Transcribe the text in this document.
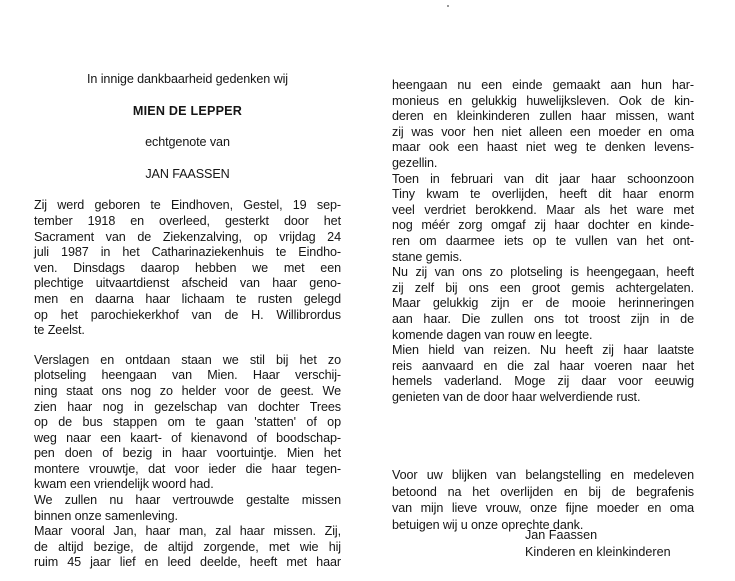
In innige dankbaarheid gedenken wij
MIEN DE LEPPER
echtgenote van
JAN FAASSEN
Zij werd geboren te Eindhoven, Gestel, 19 sep-
tember 1918 en overleed, gesterkt door het
Sacrament van de Ziekenzalving, op vrijdag 24
juli 1987 in het Catharinaziekenhuis te Eindho-
ven. Dinsdags daarop hebben we met een
plechtige uitvaartdienst afscheid van haar geno-
men en daarna haar lichaam te rusten gelegd
op het parochiekerkhof van de H. Willibrordus
te Zeelst.
Verslagen en ontdaan staan we stil bij het zo
plotseling heengaan van Mien. Haar verschij-
ning staat ons nog zo helder voor de geest. We
zien haar nog in gezelschap van dochter Trees
op de bus stappen om te gaan 'statten' of op
weg naar een kaart- of kienavond of boodschap-
pen doen of bezig in haar voortuintje. Mien het
montere vrouwtje, dat voor ieder die haar tegen-
kwam een vriendelijk woord had.
We zullen nu haar vertrouwde gestalte missen
binnen onze samenleving.
Maar vooral Jan, haar man, zal haar missen. Zij,
de altijd bezige, de altijd zorgende, met wie hij
ruim 45 jaar lief en leed deelde, heeft met haar
heengaan nu een einde gemaakt aan hun har-
monieus en gelukkig huwelijksleven. Ook de kin-
deren en kleinkinderen zullen haar missen, want
zij was voor hen niet alleen een moeder en oma
maar ook een haast niet weg te denken levens-
gezellin.
Toen in februari van dit jaar haar schoonzoon
Tiny kwam te overlijden, heeft dit haar enorm
veel verdriet berokkend. Maar als het ware met
nog méér zorg omgaf zij haar dochter en kinde-
ren om daarmee iets op te vullen van het ont-
stane gemis.
Nu zij van ons zo plotseling is heengegaan, heeft
zij zelf bij ons een groot gemis achtergelaten.
Maar gelukkig zijn er de mooie herinneringen
aan haar. Die zullen ons tot troost zijn in de
komende dagen van rouw en leegte.
Mien hield van reizen. Nu heeft zij haar laatste
reis aanvaard en die zal haar voeren naar het
hemels vaderland. Moge zij daar voor eeuwig
genieten van de door haar welverdiende rust.
Voor uw blijken van belangstelling en medeleven
betoond na het overlijden en bij de begrafenis
van mijn lieve vrouw, onze fijne moeder en oma
betuigen wij u onze oprechte dank.
Jan Faassen
Kinderen en kleinkinderen
